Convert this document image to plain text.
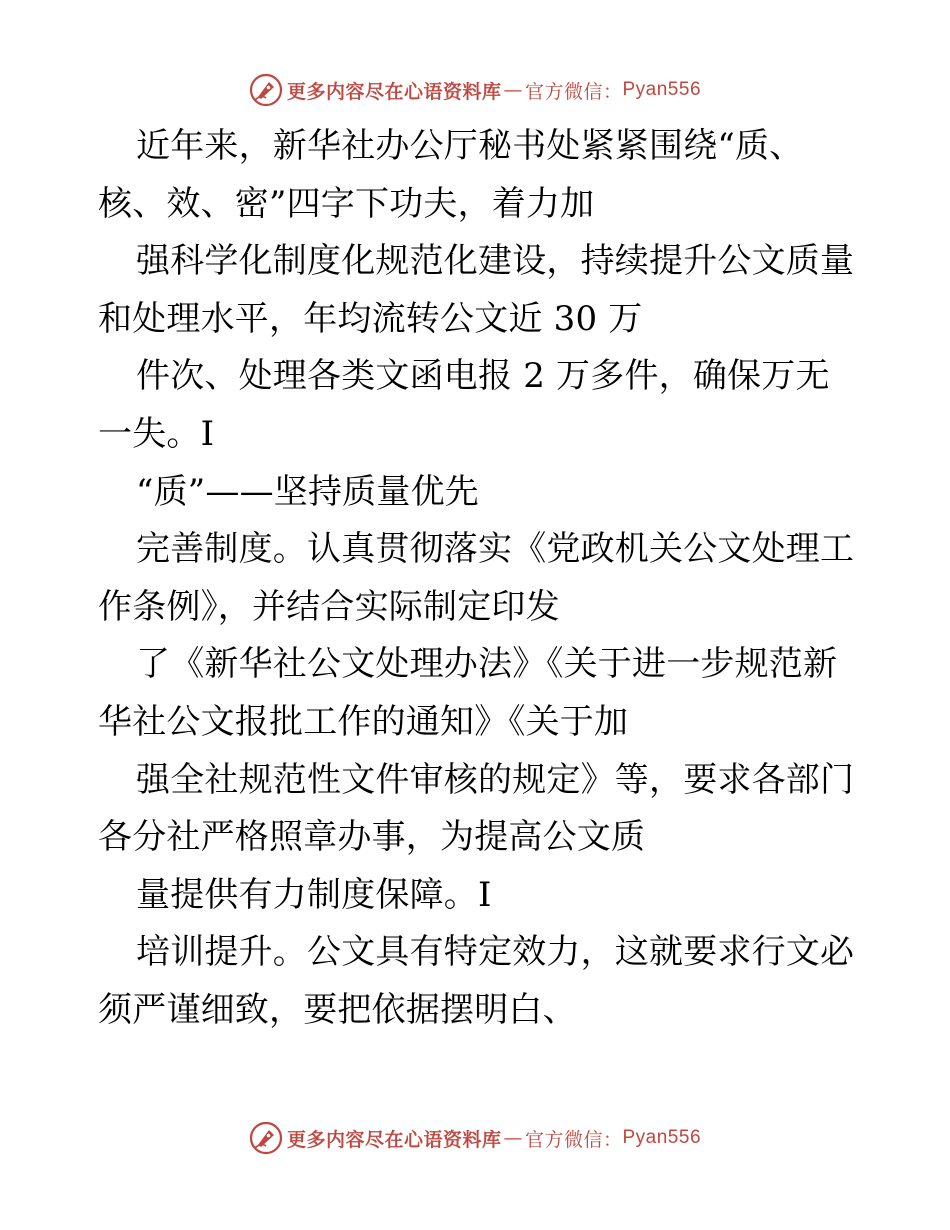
更多内容尽在心语资料库 — 官方微信： Pyan556
近年来，新华社办公厅秘书处紧紧围绕“质、
核、效、密”四字下功夫，着力加
强科学化制度化规范化建设，持续提升公文质量
和处理水平，年均流转公文近 30 万
件次、处理各类文函电报 2 万多件，确保万无
一失。I
“质”——坚持质量优先
完善制度。认真贯彻落实《党政机关公文处理工
作条例》，并结合实际制定印发
了《新华社公文处理办法》《关于进一步规范新
华社公文报批工作的通知》《关于加
强全社规范性文件审核的规定》等，要求各部门
各分社严格照章办事，为提高公文质
量提供有力制度保障。I
培训提升。公文具有特定效力，这就要求行文必
须严谨细致，要把依据摆明白、
更多内容尽在心语资料库 — 官方微信： Pyan556
